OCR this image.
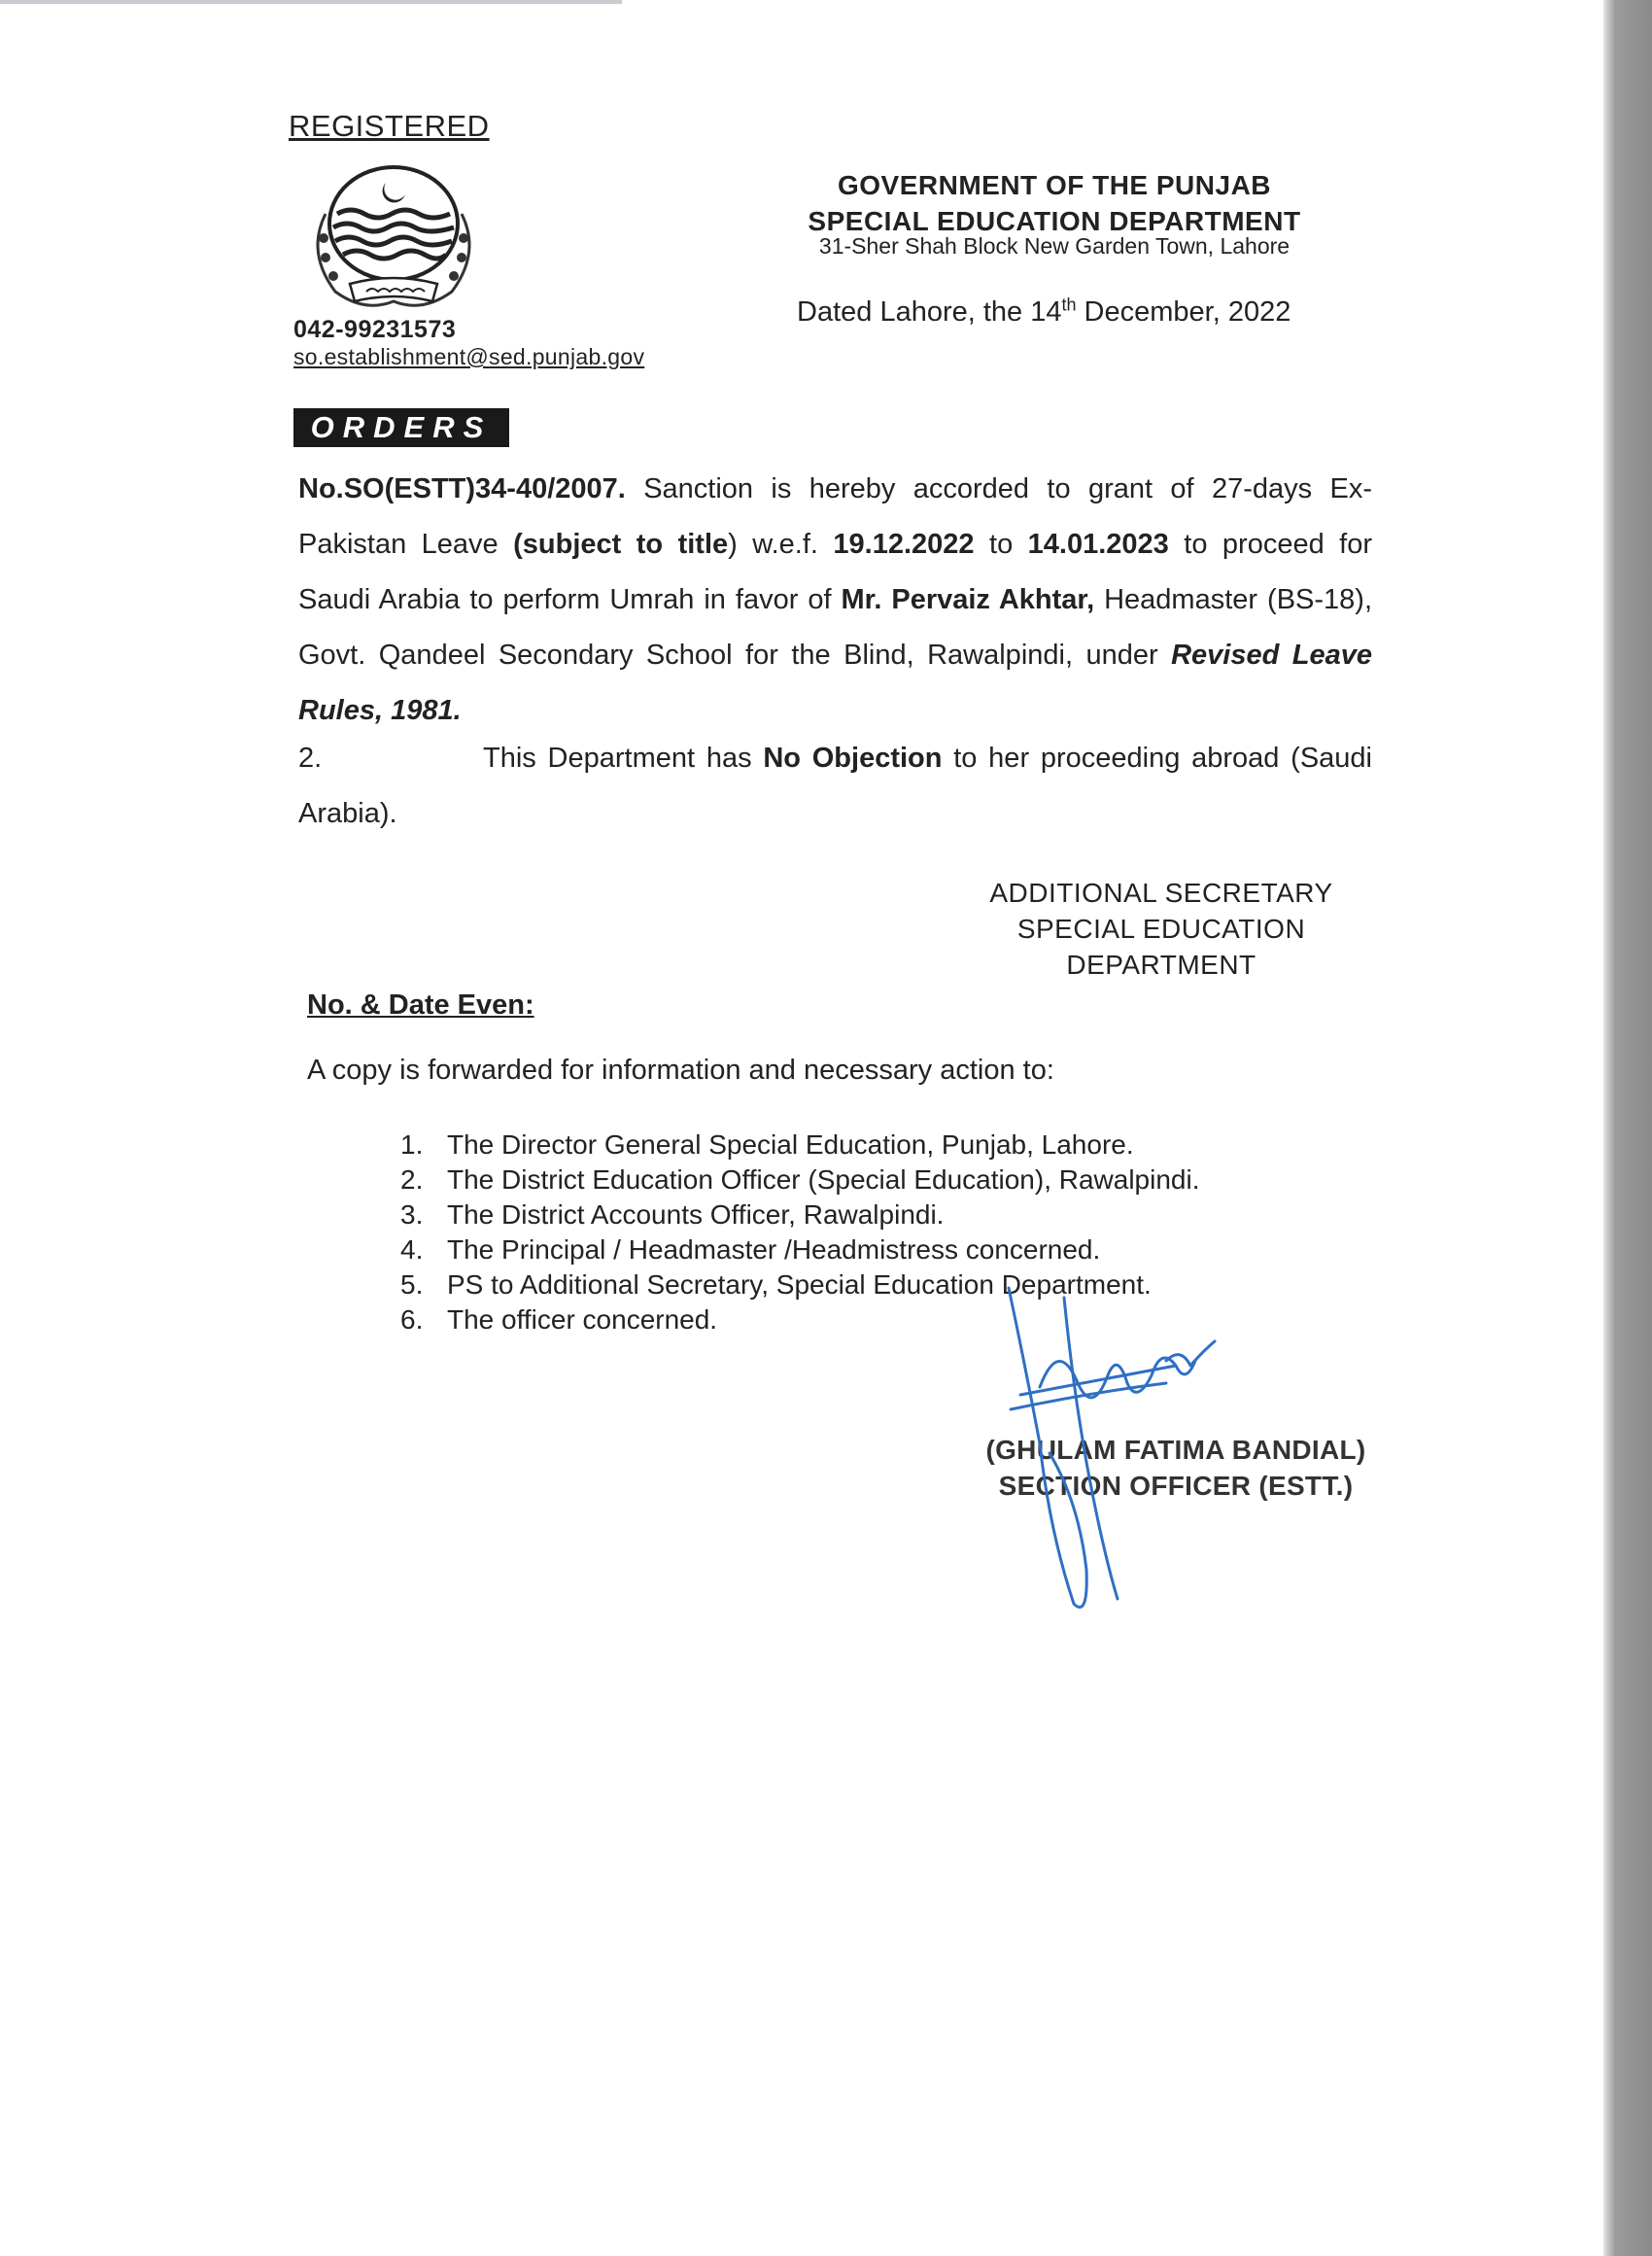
REGISTERED
042-99231573
so.establishment@sed.punjab.gov
GOVERNMENT OF THE PUNJAB
SPECIAL EDUCATION DEPARTMENT
31-Sher Shah Block New Garden Town, Lahore
Dated Lahore, the 14th December, 2022
ORDERS
No.SO(ESTT)34-40/2007. Sanction is hereby accorded to grant of 27-days Ex-Pakistan Leave (subject to title) w.e.f. 19.12.2022 to 14.01.2023 to proceed for Saudi Arabia to perform Umrah in favor of Mr. Pervaiz Akhtar, Headmaster (BS-18), Govt. Qandeel Secondary School for the Blind, Rawalpindi, under Revised Leave Rules, 1981.
2.	This Department has No Objection to her proceeding abroad (Saudi Arabia).
ADDITIONAL SECRETARY
SPECIAL EDUCATION
DEPARTMENT
No. & Date Even:
A copy is forwarded for information and necessary action to:
1. The Director General Special Education, Punjab, Lahore.
2. The District Education Officer (Special Education), Rawalpindi.
3. The District Accounts Officer, Rawalpindi.
4. The Principal / Headmaster /Headmistress concerned.
5. PS to Additional Secretary, Special Education Department.
6. The officer concerned.
(GHULAM FATIMA BANDIAL)
SECTION OFFICER (ESTT.)
